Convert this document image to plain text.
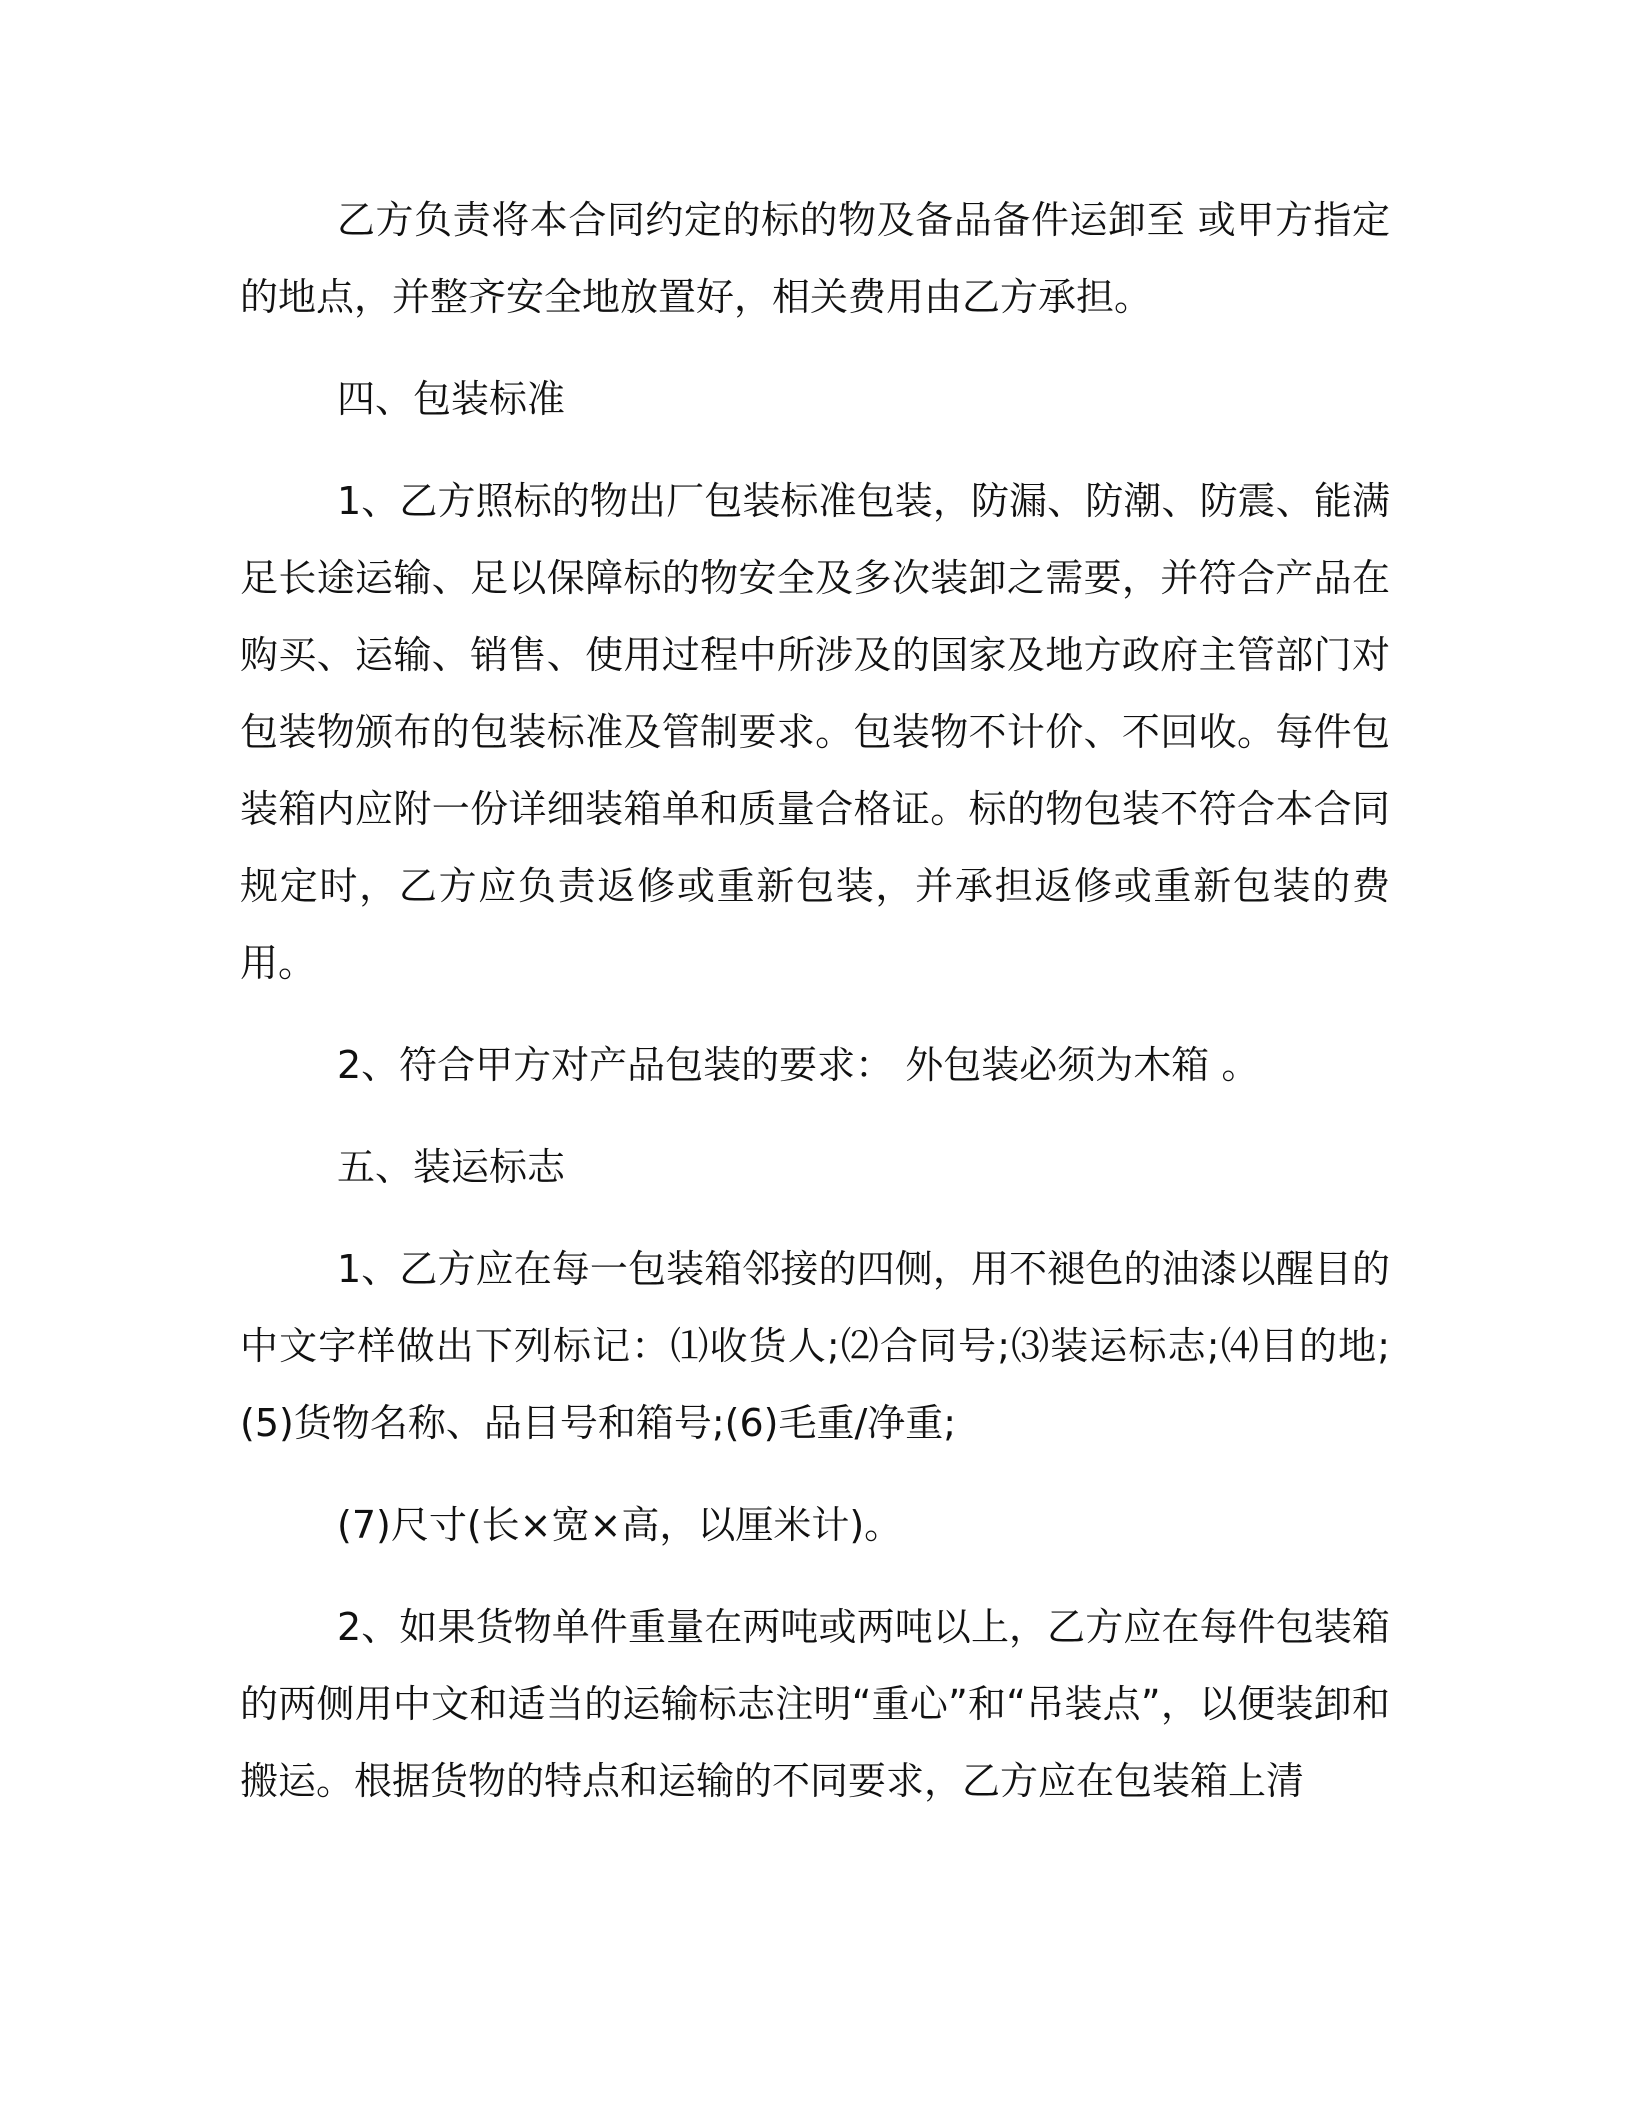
乙方负责将本合同约定的标的物及备品备件运卸至 或甲方指定的地点，并整齐安全地放置好，相关费用由乙方承担。

四、包装标准

1、乙方照标的物出厂包装标准包装，防漏、防潮、防震、能满足长途运输、足以保障标的物安全及多次装卸之需要，并符合产品在购买、运输、销售、使用过程中所涉及的国家及地方政府主管部门对包装物颁布的包装标准及管制要求。包装物不计价、不回收。每件包装箱内应附一份详细装箱单和质量合格证。标的物包装不符合本合同规定时，乙方应负责返修或重新包装，并承担返修或重新包装的费用。

2、符合甲方对产品包装的要求： 外包装必须为木箱 。

五、装运标志

1、乙方应在每一包装箱邻接的四侧，用不褪色的油漆以醒目的中文字样做出下列标记：⑴收货人;⑵合同号;⑶装运标志;⑷目的地;(5)货物名称、品目号和箱号;(6)毛重/净重;

(7)尺寸(长×宽×高，以厘米计)。

2、如果货物单件重量在两吨或两吨以上，乙方应在每件包装箱的两侧用中文和适当的运输标志注明“重心”和“吊装点”，以便装卸和搬运。根据货物的特点和运输的不同要求，乙方应在包装箱上清
